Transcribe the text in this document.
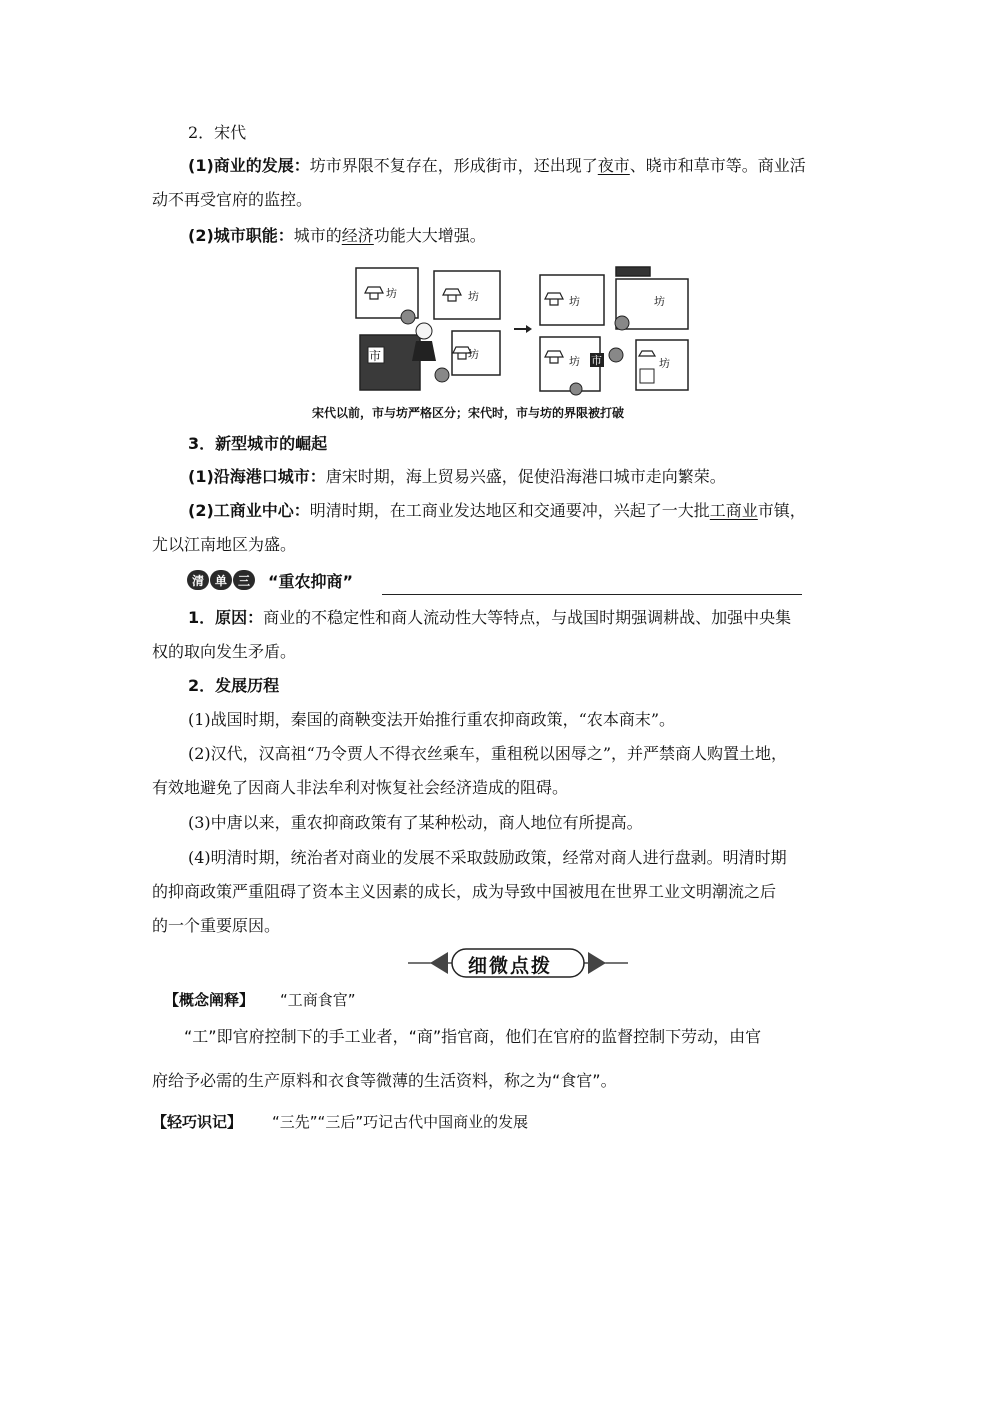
2．宋代
(1)商业的发展：坊市界限不复存在，形成街市，还出现了夜市、晓市和草市等。商业活
动不再受官府的监控。
(2)城市职能：城市的经济功能大大增强。
坊	坊
坊
坊	坊
坊	坊
市	市
宋代以前，市与坊严格区分；宋代时，市与坊的界限被打破
3．新型城市的崛起
(1)沿海港口城市：唐宋时期，海上贸易兴盛，促使沿海港口城市走向繁荣。
(2)工商业中心：明清时期，在工商业发达地区和交通要冲，兴起了一大批工商业市镇，
尤以江南地区为盛。
清 单 三	“重农抑商”
1．原因：商业的不稳定性和商人流动性大等特点，与战国时期强调耕战、加强中央集
权的取向发生矛盾。
2．发展历程
(1)战国时期，秦国的商鞅变法开始推行重农抑商政策，“农本商末”。
(2)汉代，汉高祖“乃令贾人不得衣丝乘车，重租税以困辱之”，并严禁商人购置土地，
有效地避免了因商人非法牟利对恢复社会经济造成的阻碍。
(3)中唐以来，重农抑商政策有了某种松动，商人地位有所提高。
(4)明清时期，统治者对商业的发展不采取鼓励政策，经常对商人进行盘剥。明清时期
的抑商政策严重阻碍了资本主义因素的成长，成为导致中国被甩在世界工业文明潮流之后
的一个重要原因。
细微点拨
【概念阐释】 “工商食官”
“工”即官府控制下的手工业者，“商”指官商，他们在官府的监督控制下劳动，由官
府给予必需的生产原料和衣食等微薄的生活资料，称之为“食官”。
【轻巧识记】 “三先”“三后”巧记古代中国商业的发展
